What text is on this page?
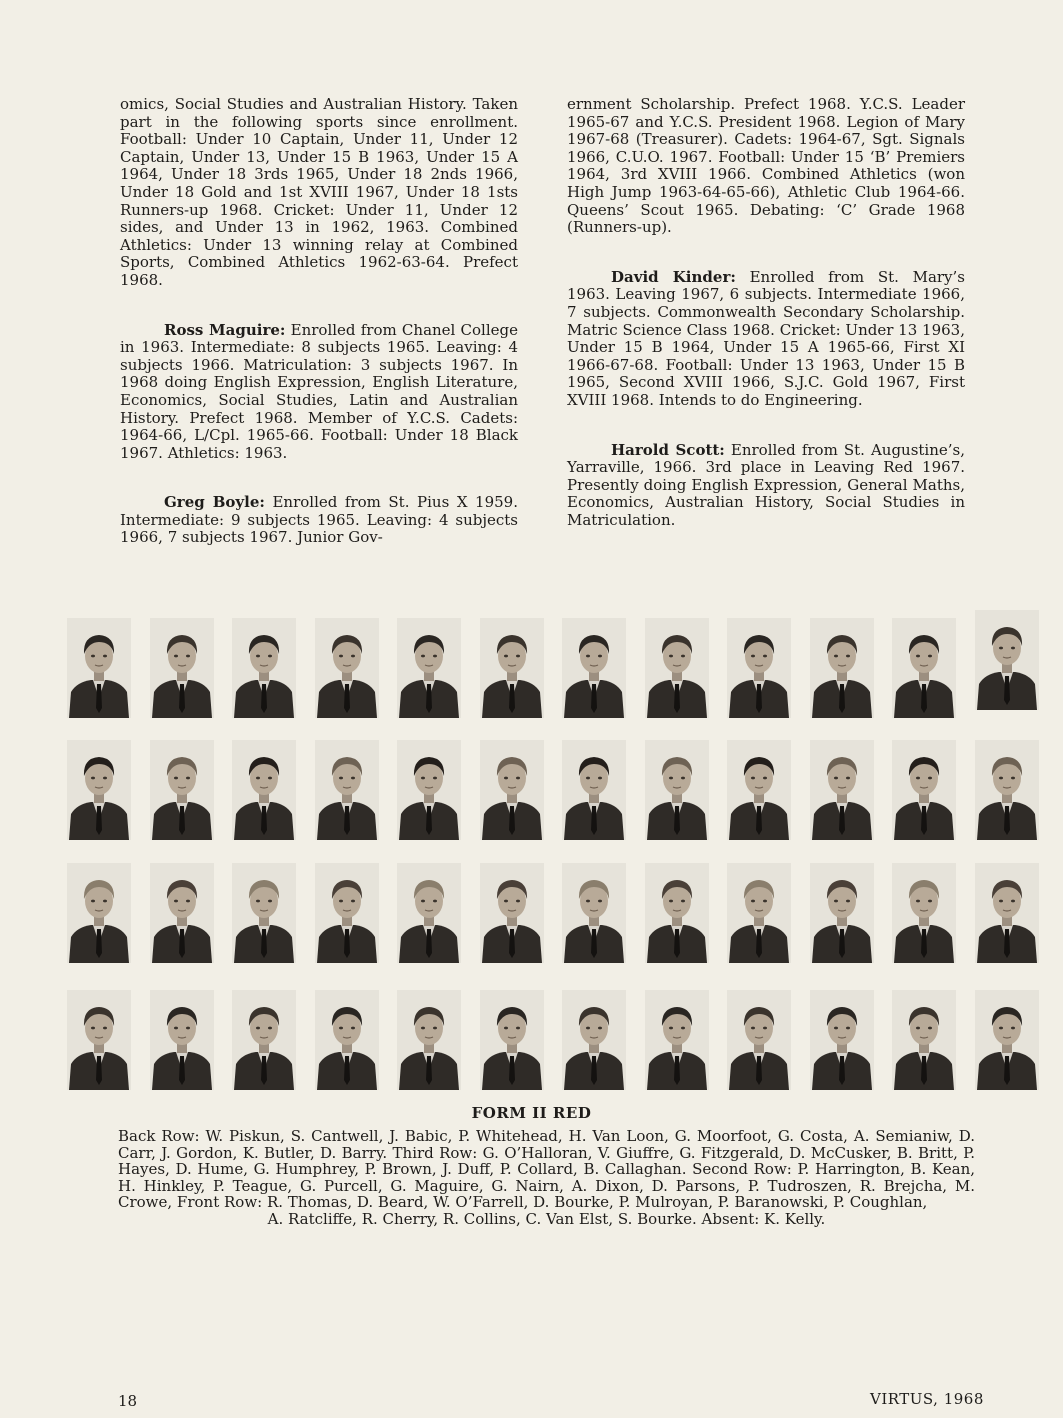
omics, Social Studies and Australian History. Taken part in the following sports since enrollment. Football: Under 10 Captain, Under 11, Under 12 Captain, Under 13, Under 15 B 1963, Under 15 A 1964, Under 18 3rds 1965, Under 18 2nds 1966, Under 18 Gold and 1st XVIII 1967, Under 18 1sts Runners-up 1968. Cricket: Under 11, Under 12 sides, and Under 13 in 1962, 1963. Combined Athletics: Under 13 winning relay at Combined Sports, Combined Athletics 1962-63-64. Prefect 1968.

Ross Maguire: Enrolled from Chanel College in 1963. Intermediate: 8 subjects 1965. Leaving: 4 subjects 1966. Matriculation: 3 subjects 1967. In 1968 doing English Expression, English Literature, Economics, Social Studies, Latin and Australian History. Prefect 1968. Member of Y.C.S. Cadets: 1964-66, L/Cpl. 1965-66. Football: Under 18 Black 1967. Athletics: 1963.

Greg Boyle: Enrolled from St. Pius X 1959. Intermediate: 9 subjects 1965. Leaving: 4 subjects 1966, 7 subjects 1967. Junior Gov-

ernment Scholarship. Prefect 1968. Y.C.S. Leader 1965-67 and Y.C.S. President 1968. Legion of Mary 1967-68 (Treasurer). Cadets: 1964-67, Sgt. Signals 1966, C.U.O. 1967. Football: Under 15 ‘B’ Premiers 1964, 3rd XVIII 1966. Combined Athletics (won High Jump 1963-64-65-66), Athletic Club 1964-66. Queens’ Scout 1965. Debating: ‘C’ Grade 1968 (Runners-up).

David Kinder: Enrolled from St. Mary’s 1963. Leaving 1967, 6 subjects. Intermediate 1966, 7 subjects. Commonwealth Secondary Scholarship. Matric Science Class 1968. Cricket: Under 13 1963, Under 15 B 1964, Under 15 A 1965-66, First XI 1966-67-68. Football: Under 13 1963, Under 15 B 1965, Second XVIII 1966, S.J.C. Gold 1967, First XVIII 1968. Intends to do Engineering.

Harold Scott: Enrolled from St. Augustine’s, Yarraville, 1966. 3rd place in Leaving Red 1967. Presently doing English Expression, General Maths, Economics, Australian History, Social Studies in Matriculation.

FORM II RED
Back Row: W. Piskun, S. Cantwell, J. Babic, P. Whitehead, H. Van Loon, G. Moorfoot, G. Costa, A. Semianiw, D. Carr, J. Gordon, K. Butler, D. Barry. Third Row: G. O’Halloran, V. Giuffre, G. Fitzgerald, D. McCusker, B. Britt, P. Hayes, D. Hume, G. Humphrey, P. Brown, J. Duff, P. Collard, B. Callaghan. Second Row: P. Harrington, B. Kean, H. Hinkley, P. Teague, G. Purcell, G. Maguire, G. Nairn, A. Dixon, D. Parsons, P. Tudroszen, R. Brejcha, M. Crowe, Front Row: R. Thomas, D. Beard, W. O’Farrell, D. Bourke, P. Mulroyan, P. Baranowski, P. Coughlan,
A. Ratcliffe, R. Cherry, R. Collins, C. Van Elst, S. Bourke. Absent: K. Kelly.
18	VIRTUS, 1968
